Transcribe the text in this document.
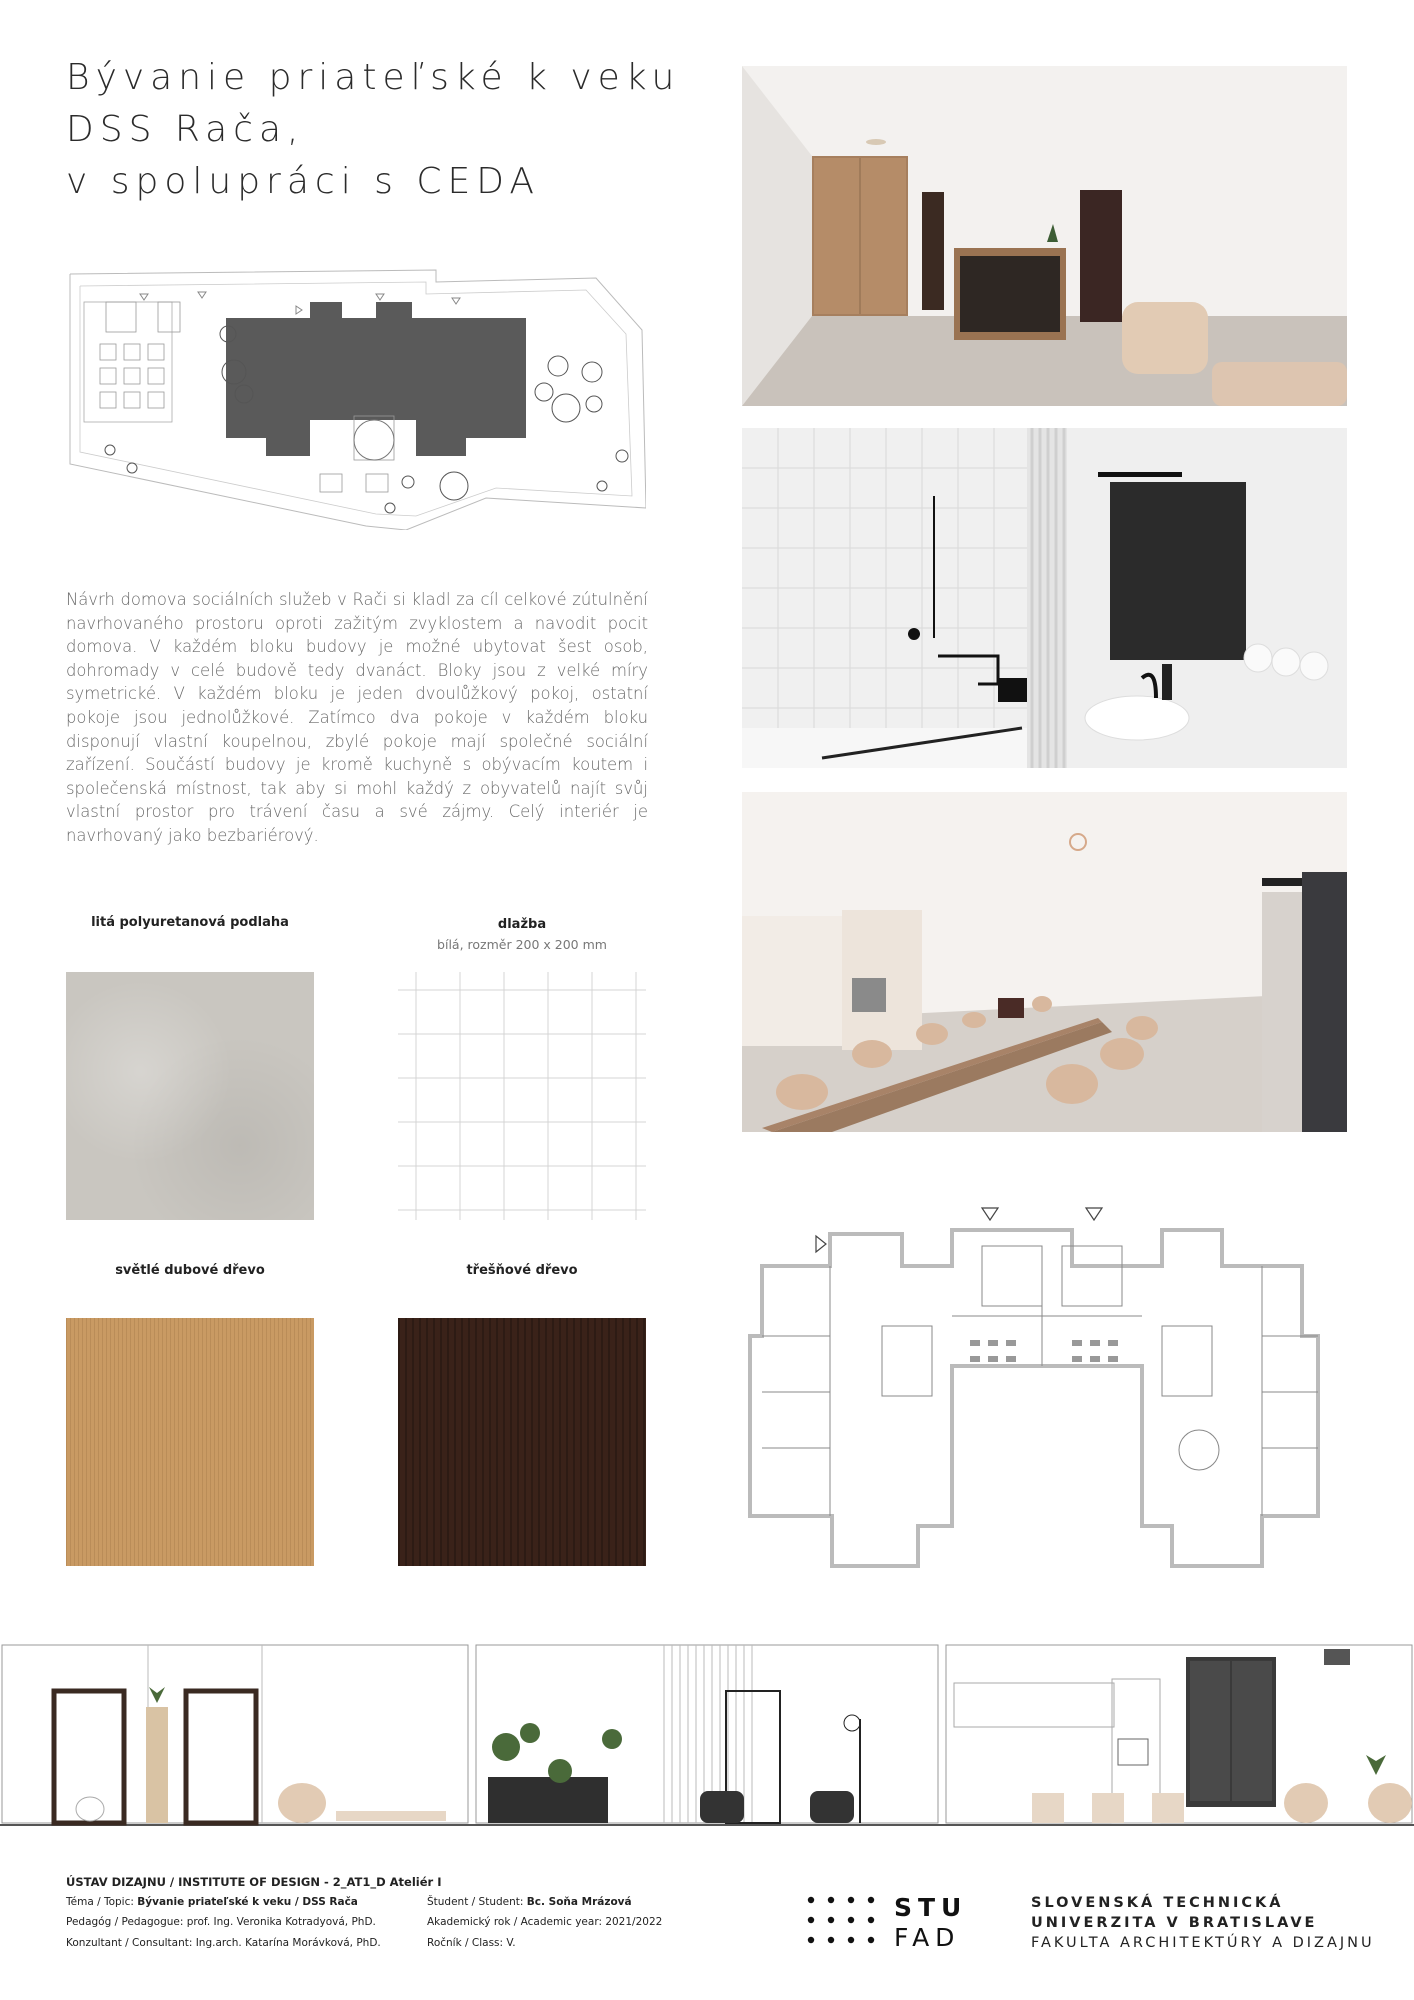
Bývanie priateľské k veku
DSS Rača,
v spolupráci s CEDA
Návrh domova sociálních služeb v Rači si kladl za cíl celkové zútulnění navrhovaného prostoru oproti zažitým zvyklostem a navodit pocit domova. V každém bloku budovy je možné ubytovat šest osob, dohromady v celé budově tedy dvanáct. Bloky jsou z velké míry symetrické. V každém bloku je jeden dvoulůžkový pokoj, ostatní pokoje jsou jednolůžkové. Zatímco dva pokoje v každém bloku disponují vlastní koupelnou, zbylé pokoje mají společné sociální zařízení. Součástí budovy je kromě kuchyně s obývacím koutem i společenská místnost, tak aby si mohl každý z obyvatelů najít svůj vlastní prostor pro trávení času a své zájmy. Celý interiér je navrhovaný jako bezbariérový.
litá polyuretanová podlaha	dlažba
bílá, rozměr 200 x 200 mm
světlé dubové dřevo	třešňové dřevo
ÚSTAV DIZAJNU / INSTITUTE OF DESIGN - 2_AT1_D Ateliér I
Téma / Topic: Bývanie priateľské k veku / DSS Rača
Pedagóg / Pedagogue: prof. Ing. Veronika Kotradyová, PhD.
Konzultant / Consultant: Ing.arch. Katarína Morávková, PhD.
Študent / Student: Bc. Soňa Mrázová
Akademický rok / Academic year: 2021/2022
Ročník / Class: V.
STU
FAD
SLOVENSKÁ TECHNICKÁ
UNIVERZITA V BRATISLAVE
FAKULTA ARCHITEKTÚRY A DIZAJNU
